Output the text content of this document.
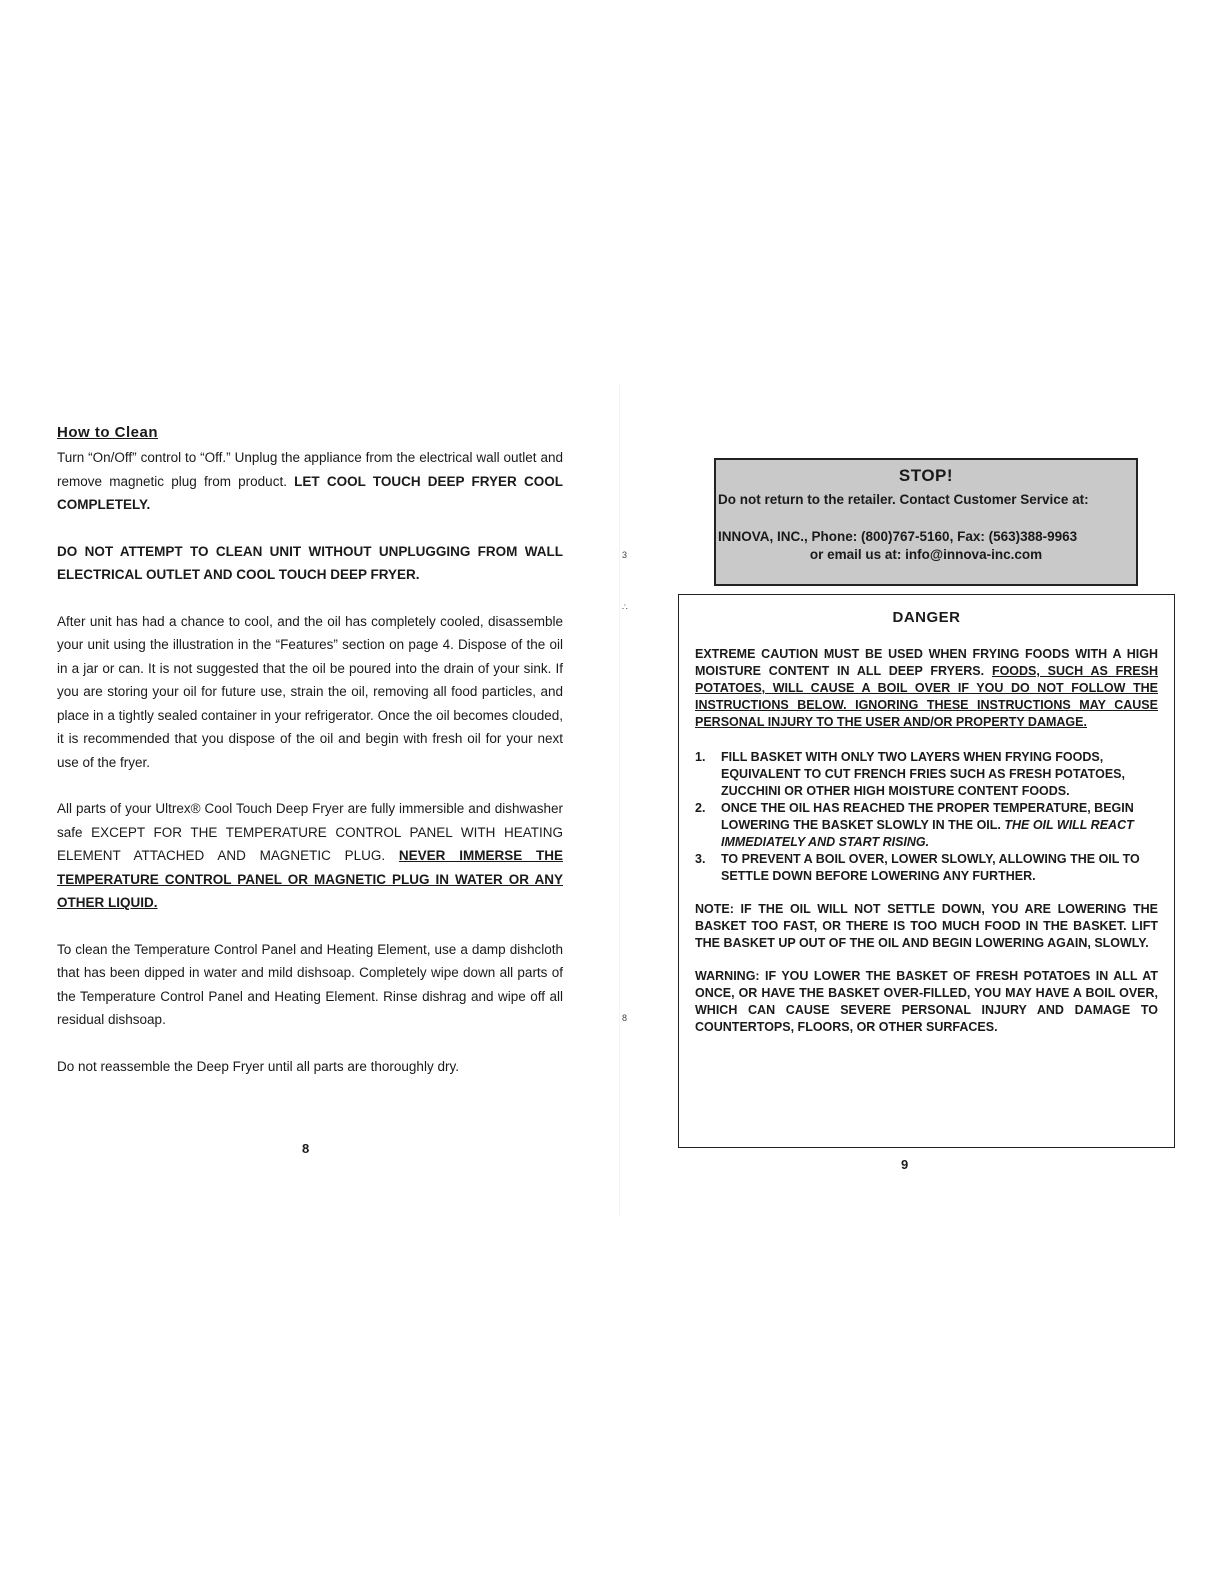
How to Clean

Turn “On/Off” control to “Off.” Unplug the appliance from the electrical wall outlet and remove magnetic plug from product. LET COOL TOUCH DEEP FRYER COOL COMPLETELY.

DO NOT ATTEMPT TO CLEAN UNIT WITHOUT UNPLUGGING FROM WALL ELECTRICAL OUTLET AND COOL TOUCH DEEP FRYER.

After unit has had a chance to cool, and the oil has completely cooled, disassemble your unit using the illustration in the “Features” section on page 4. Dispose of the oil in a jar or can. It is not suggested that the oil be poured into the drain of your sink. If you are storing your oil for future use, strain the oil, removing all food particles, and place in a tightly sealed container in your refrigerator. Once the oil becomes clouded, it is recommended that you dispose of the oil and begin with fresh oil for your next use of the fryer.

All parts of your Ultrex® Cool Touch Deep Fryer are fully immersible and dishwasher safe EXCEPT FOR THE TEMPERATURE CONTROL PANEL WITH HEATING ELEMENT ATTACHED AND MAGNETIC PLUG. NEVER IMMERSE THE TEMPERATURE CONTROL PANEL OR MAGNETIC PLUG IN WATER OR ANY OTHER LIQUID.

To clean the Temperature Control Panel and Heating Element, use a damp dishcloth that has been dipped in water and mild dishsoap. Completely wipe down all parts of the Temperature Control Panel and Heating Element. Rinse dishrag and wipe off all residual dishsoap.

Do not reassemble the Deep Fryer until all parts are thoroughly dry.

8
3
∴
8
STOP!
Do not return to the retailer. Contact Customer Service at:
INNOVA, INC., Phone: (800)767-5160, Fax: (563)388-9963
or email us at: info@innova-inc.com
DANGER

EXTREME CAUTION MUST BE USED WHEN FRYING FOODS WITH A HIGH MOISTURE CONTENT IN ALL DEEP FRYERS. FOODS, SUCH AS FRESH POTATOES, WILL CAUSE A BOIL OVER IF YOU DO NOT FOLLOW THE INSTRUCTIONS BELOW. IGNORING THESE INSTRUCTIONS MAY CAUSE PERSONAL INJURY TO THE USER AND/OR PROPERTY DAMAGE.

1.	FILL BASKET WITH ONLY TWO LAYERS WHEN FRYING FOODS, EQUIVALENT TO CUT FRENCH FRIES SUCH AS FRESH POTATOES, ZUCCHINI OR OTHER HIGH MOISTURE CONTENT FOODS.
2.	ONCE THE OIL HAS REACHED THE PROPER TEMPERATURE, BEGIN LOWERING THE BASKET SLOWLY IN THE OIL. THE OIL WILL REACT IMMEDIATELY AND START RISING.
3.	TO PREVENT A BOIL OVER, LOWER SLOWLY, ALLOWING THE OIL TO SETTLE DOWN BEFORE LOWERING ANY FURTHER.

NOTE: IF THE OIL WILL NOT SETTLE DOWN, YOU ARE LOWERING THE BASKET TOO FAST, OR THERE IS TOO MUCH FOOD IN THE BASKET. LIFT THE BASKET UP OUT OF THE OIL AND BEGIN LOWERING AGAIN, SLOWLY.

WARNING: IF YOU LOWER THE BASKET OF FRESH POTATOES IN ALL AT ONCE, OR HAVE THE BASKET OVER-FILLED, YOU MAY HAVE A BOIL OVER, WHICH CAN CAUSE SEVERE PERSONAL INJURY AND DAMAGE TO COUNTERTOPS, FLOORS, OR OTHER SURFACES.

9
